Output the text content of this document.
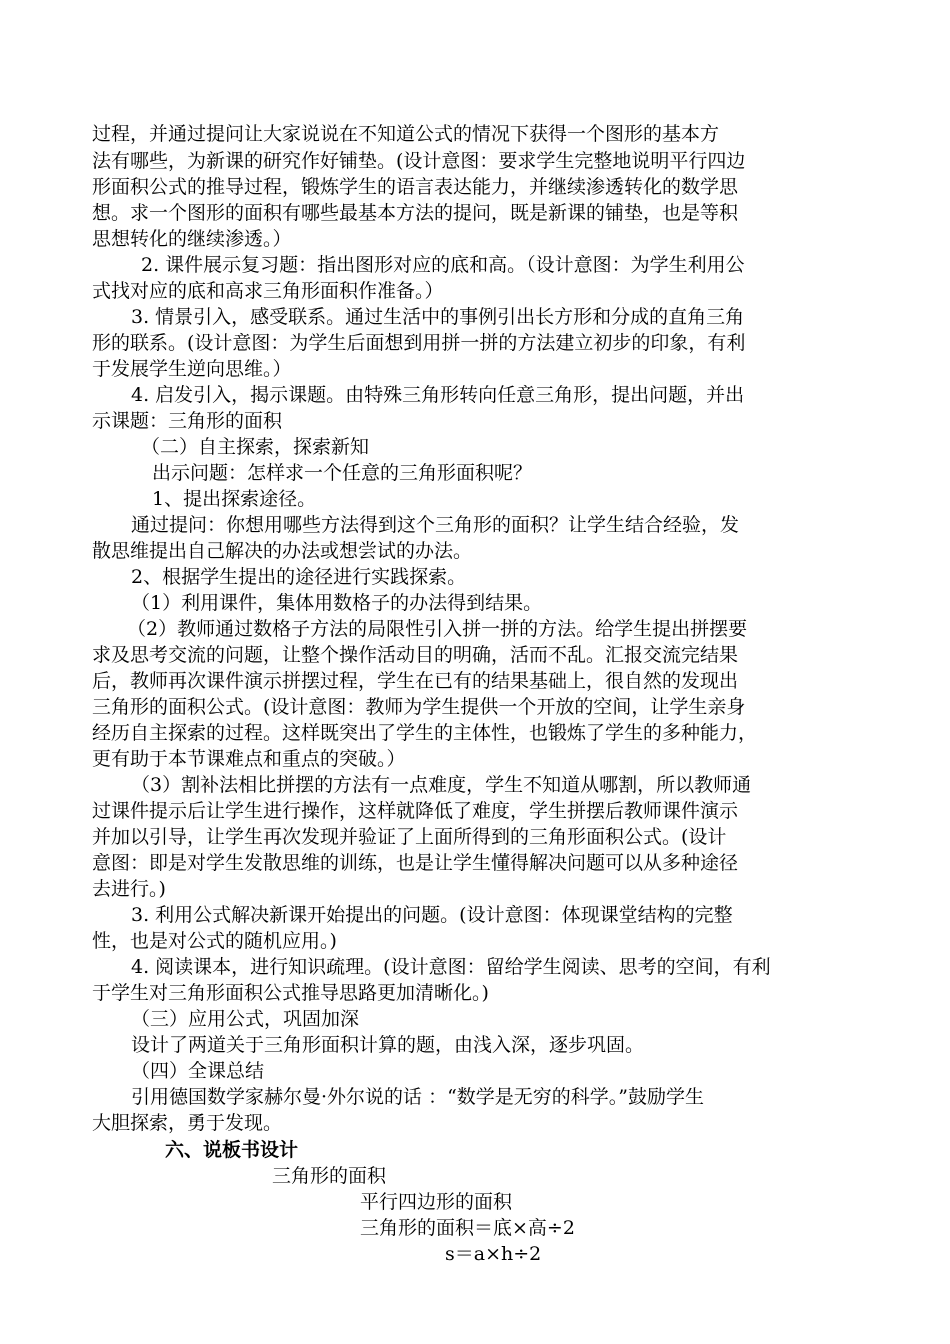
过程，并通过提问让大家说说在不知道公式的情况下获得一个图形的基本方
法有哪些，为新课的研究作好铺垫。(设计意图：要求学生完整地说明平行四边
形面积公式的推导过程，锻炼学生的语言表达能力，并继续渗透转化的数学思
想。求一个图形的面积有哪些最基本方法的提问，既是新课的铺垫，也是等积
思想转化的继续渗透。）
2. 课件展示复习题：指出图形对应的底和高。（设计意图：为学生利用公
式找对应的底和高求三角形面积作准备。）
3. 情景引入，感受联系。通过生活中的事例引出长方形和分成的直角三角
形的联系。(设计意图：为学生后面想到用拼一拼的方法建立初步的印象，有利
于发展学生逆向思维。）
4. 启发引入，揭示课题。由特殊三角形转向任意三角形，提出问题，并出
示课题：三角形的面积
（二）自主探索，探索新知
出示问题：怎样求一个任意的三角形面积呢？
1、提出探索途径。
通过提问：你想用哪些方法得到这个三角形的面积？让学生结合经验，发
散思维提出自己解决的办法或想尝试的办法。
2、根据学生提出的途径进行实践探索。
（1）利用课件，集体用数格子的办法得到结果。
（2）教师通过数格子方法的局限性引入拼一拼的方法。给学生提出拼摆要
求及思考交流的问题，让整个操作活动目的明确，活而不乱。汇报交流完结果
后，教师再次课件演示拼摆过程，学生在已有的结果基础上，很自然的发现出
三角形的面积公式。(设计意图：教师为学生提供一个开放的空间，让学生亲身
经历自主探索的过程。这样既突出了学生的主体性，也锻炼了学生的多种能力，
更有助于本节课难点和重点的突破。）
（3）割补法相比拼摆的方法有一点难度，学生不知道从哪割，所以教师通
过课件提示后让学生进行操作，这样就降低了难度，学生拼摆后教师课件演示
并加以引导，让学生再次发现并验证了上面所得到的三角形面积公式。(设计
意图：即是对学生发散思维的训练，也是让学生懂得解决问题可以从多种途径
去进行。)
3. 利用公式解决新课开始提出的问题。(设计意图：体现课堂结构的完整
性，也是对公式的随机应用。)
4. 阅读课本，进行知识疏理。(设计意图：留给学生阅读、思考的空间，有利
于学生对三角形面积公式推导思路更加清晰化。)
（三）应用公式，巩固加深
设计了两道关于三角形面积计算的题，由浅入深，逐步巩固。
（四）全课总结
引用德国数学家赫尔曼·外尔说的话 ：“数学是无穷的科学。”鼓励学生
大胆探索，勇于发现。
六、说板书设计
三角形的面积
平行四边形的面积
三角形的面积＝底×高÷2
s＝a×h÷2
